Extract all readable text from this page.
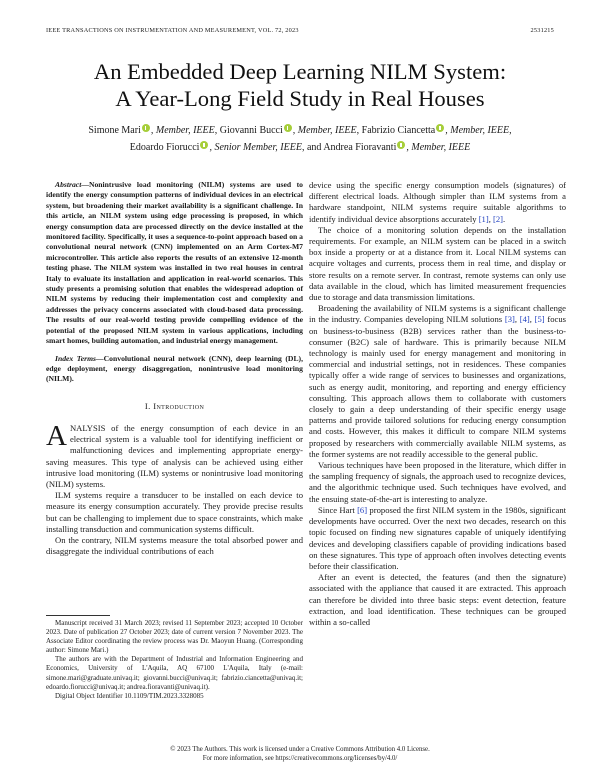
IEEE TRANSACTIONS ON INSTRUMENTATION AND MEASUREMENT, VOL. 72, 2023	2531215
An Embedded Deep Learning NILM System:
A Year-Long Field Study in Real Houses
Simone Mari , Member, IEEE, Giovanni Bucci , Member, IEEE, Fabrizio Ciancetta , Member, IEEE,
Edoardo Fiorucci , Senior Member, IEEE, and Andrea Fioravanti , Member, IEEE

Abstract—Nonintrusive load monitoring (NILM) systems are used to identify the energy consumption patterns of individual devices in an electrical system, but broadening their market availability is a significant challenge. In this article, an NILM system using edge processing is proposed, in which energy consumption data are processed directly on the device installed at the monitored facility. Specifically, it uses a sequence-to-point approach based on a convolutional neural network (CNN) implemented on an Arm Cortex-M7 microcontroller. This article also reports the results of an extensive 12-month testing phase. The NILM system was installed in two real houses in central Italy to evaluate its installation and application in real-world scenarios. This study presents a promising solution that enables the widespread adoption of NILM systems by reducing their implementation cost and complexity and addresses the privacy concerns associated with cloud-based data processing. The results of our real-world testing provide compelling evidence of the potential of the proposed NILM system in various applications, including smart homes, building automation, and industrial energy management.

Index Terms—Convolutional neural network (CNN), deep learning (DL), edge deployment, energy disaggregation, nonintrusive load monitoring (NILM).

I. Introduction

ANALYSIS of the energy consumption of each device in an electrical system is a valuable tool for identifying inefficient or malfunctioning devices and implementing appropriate energy-saving measures. This type of analysis can be achieved using either intrusive load monitoring (ILM) systems or nonintrusive load monitoring (NILM) systems.

ILM systems require a transducer to be installed on each device to measure its energy consumption accurately. They provide precise results but can be challenging to implement due to space constraints, which make installing transduction and communication systems difficult.

On the contrary, NILM systems measure the total absorbed power and disaggregate the individual contributions of each

Manuscript received 31 March 2023; revised 11 September 2023; accepted 10 October 2023. Date of publication 27 October 2023; date of current version 7 November 2023. The Associate Editor coordinating the review process was Dr. Maoyun Huang. (Corresponding author: Simone Mari.)

The authors are with the Department of Industrial and Information Engineering and Economics, University of L'Aquila, AQ 67100 L'Aquila, Italy (e-mail: simone.mari@graduate.univaq.it; giovanni.bucci@univaq.it; fabrizio.ciancetta@univaq.it; edoardo.fiorucci@univaq.it; andrea.fioravanti@univaq.it).

Digital Object Identifier 10.1109/TIM.2023.3328085

device using the specific energy consumption models (signatures) of different electrical loads. Although simpler than ILM systems from a hardware standpoint, NILM systems require suitable algorithms to identify individual device absorptions accurately [1], [2].

The choice of a monitoring solution depends on the installation requirements. For example, an NILM system can be placed in a switch box inside a property or at a distance from it. Local NILM systems can acquire voltages and currents, process them in real time, and display or store results on a remote server. In contrast, remote systems can only use data available in the cloud, which has limited measurement frequencies due to storage and data transmission limitations.

Broadening the availability of NILM systems is a significant challenge in the industry. Companies developing NILM solutions [3], [4], [5] focus on business-to-business (B2B) services rather than the business-to-consumer (B2C) sale of hardware. This is primarily because NILM technology is mainly used for energy management and monitoring in commercial and industrial settings, not in residences. These companies typically offer a wide range of services to businesses and organizations, such as energy audit, monitoring, and reporting and energy efficiency consulting. This approach allows them to collaborate with customers closely to gain a deep understanding of their specific energy usage patterns and provide tailored solutions for reducing energy consumption and costs. However, this makes it difficult to compare NILM systems proposed by researchers with commercially available NILM systems, as the former systems are not readily accessible to the general public.

Various techniques have been proposed in the literature, which differ in the sampling frequency of signals, the approach used to recognize devices, and the algorithmic technique used. Such techniques have evolved, and the ensuing state-of-the-art is interesting to analyze.

Since Hart [6] proposed the first NILM system in the 1980s, significant developments have occurred. Over the next two decades, research on this topic focused on finding new signatures capable of uniquely identifying devices and developing classifiers capable of providing indications based on these signatures. This type of approach often involves detecting events before their classification.

After an event is detected, the features (and then the signature) associated with the appliance that caused it are extracted. This approach can therefore be divided into three basic steps: event detection, feature extraction, and load identification. These techniques can be grouped within a so-called

© 2023 The Authors. This work is licensed under a Creative Commons Attribution 4.0 License.
For more information, see https://creativecommons.org/licenses/by/4.0/
